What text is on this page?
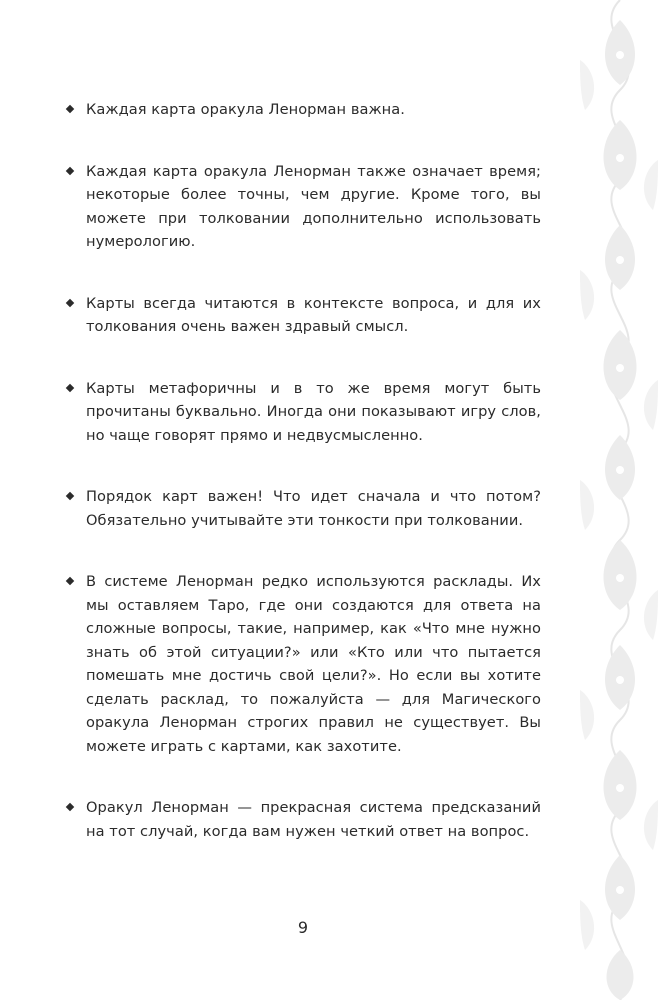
Каждая карта оракула Ленорман важна.
Каждая карта оракула Ленорман также означает время; некоторые более точны, чем другие. Кроме того, вы можете при толковании дополнительно использовать нумерологию.
Карты всегда читаются в контексте вопроса, и для их толкования очень важен здравый смысл.
Карты метафоричны и в то же время могут быть прочитаны буквально. Иногда они показывают игру слов, но чаще говорят прямо и недвусмысленно.
Порядок карт важен! Что идет сначала и что потом? Обязательно учитывайте эти тонкости при толковании.
В системе Ленорман редко используются расклады. Их мы оставляем Таро, где они создаются для ответа на сложные вопросы, такие, например, как «Что мне нужно знать об этой ситуации?» или «Кто или что пытается помешать мне достичь свой цели?». Но если вы хотите сделать расклад, то пожалуйста — для Магического оракула Ленорман строгих правил не существует. Вы можете играть с картами, как захотите.
Оракул Ленорман — прекрасная система предсказаний на тот случай, когда вам нужен четкий ответ на вопрос.
9
